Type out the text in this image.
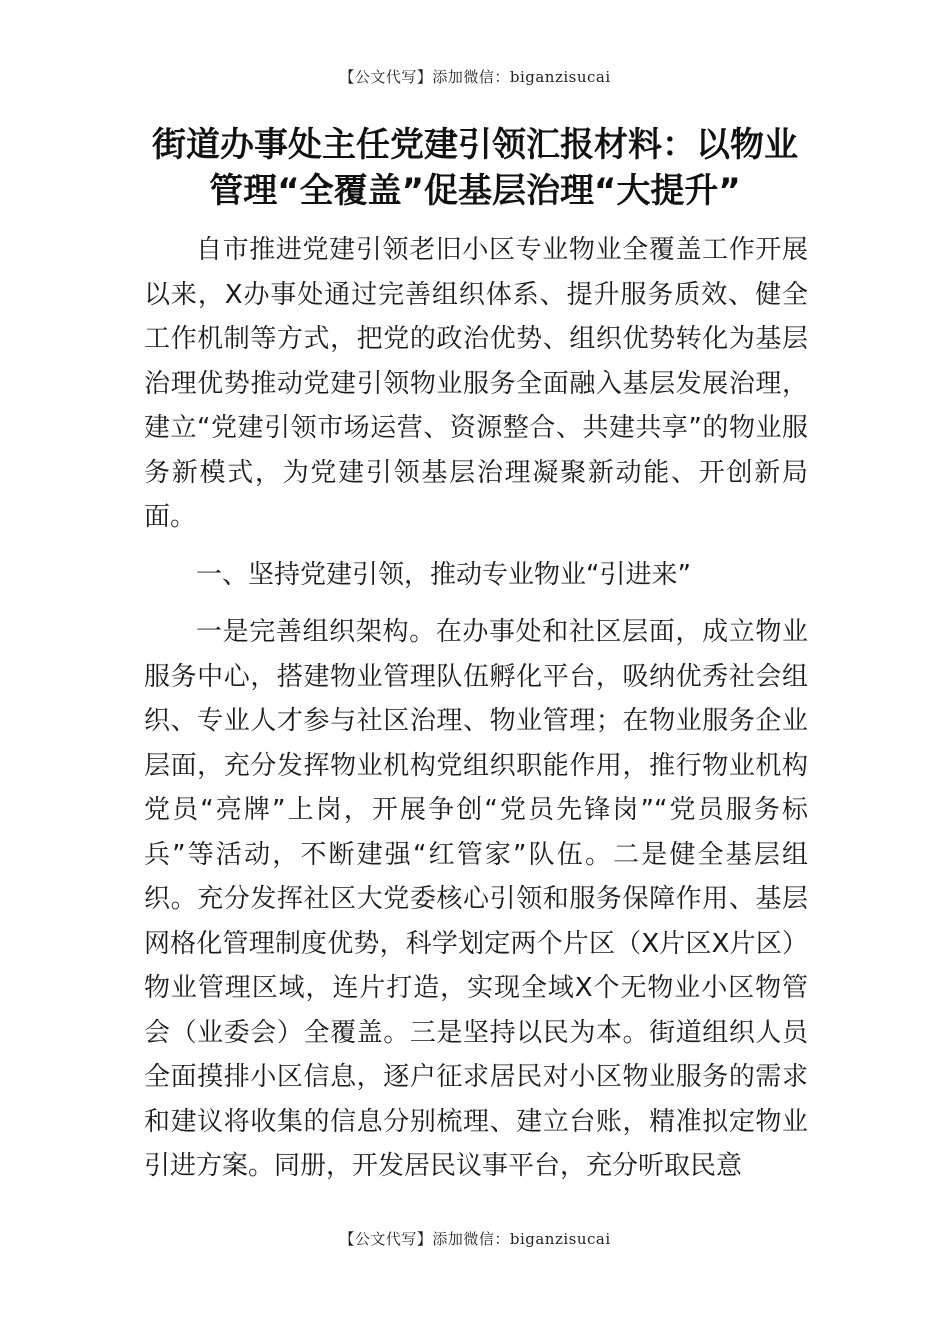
【公文代写】添加微信：biganzisucai
街道办事处主任党建引领汇报材料：以物业
管理“全覆盖”促基层治理“大提升”

自市推进党建引领老旧小区专业物业全覆盖工作开展以来，X办事处通过完善组织体系、提升服务质效、健全工作机制等方式，把党的政治优势、组织优势转化为基层治理优势推动党建引领物业服务全面融入基层发展治理，建立“党建引领市场运营、资源整合、共建共享”的物业服务新模式，为党建引领基层治理凝聚新动能、开创新局面。

一、坚持党建引领，推动专业物业“引进来”

一是完善组织架构。在办事处和社区层面，成立物业服务中心，搭建物业管理队伍孵化平台，吸纳优秀社会组织、专业人才参与社区治理、物业管理；在物业服务企业层面，充分发挥物业机构党组织职能作用，推行物业机构党员“亮牌”上岗，开展争创“党员先锋岗”“党员服务标兵”等活动，不断建强“红管家”队伍。二是健全基层组织。充分发挥社区大党委核心引领和服务保障作用、基层网格化管理制度优势，科学划定两个片区（X片区X片区）物业管理区域，连片打造，实现全域X个无物业小区物管会（业委会）全覆盖。三是坚持以民为本。街道组织人员全面摸排小区信息，逐户征求居民对小区物业服务的需求和建议将收集的信息分别梳理、建立台账，精准拟定物业引进方案。同册，开发居民议事平台，充分听取民意

【公文代写】添加微信：biganzisucai
